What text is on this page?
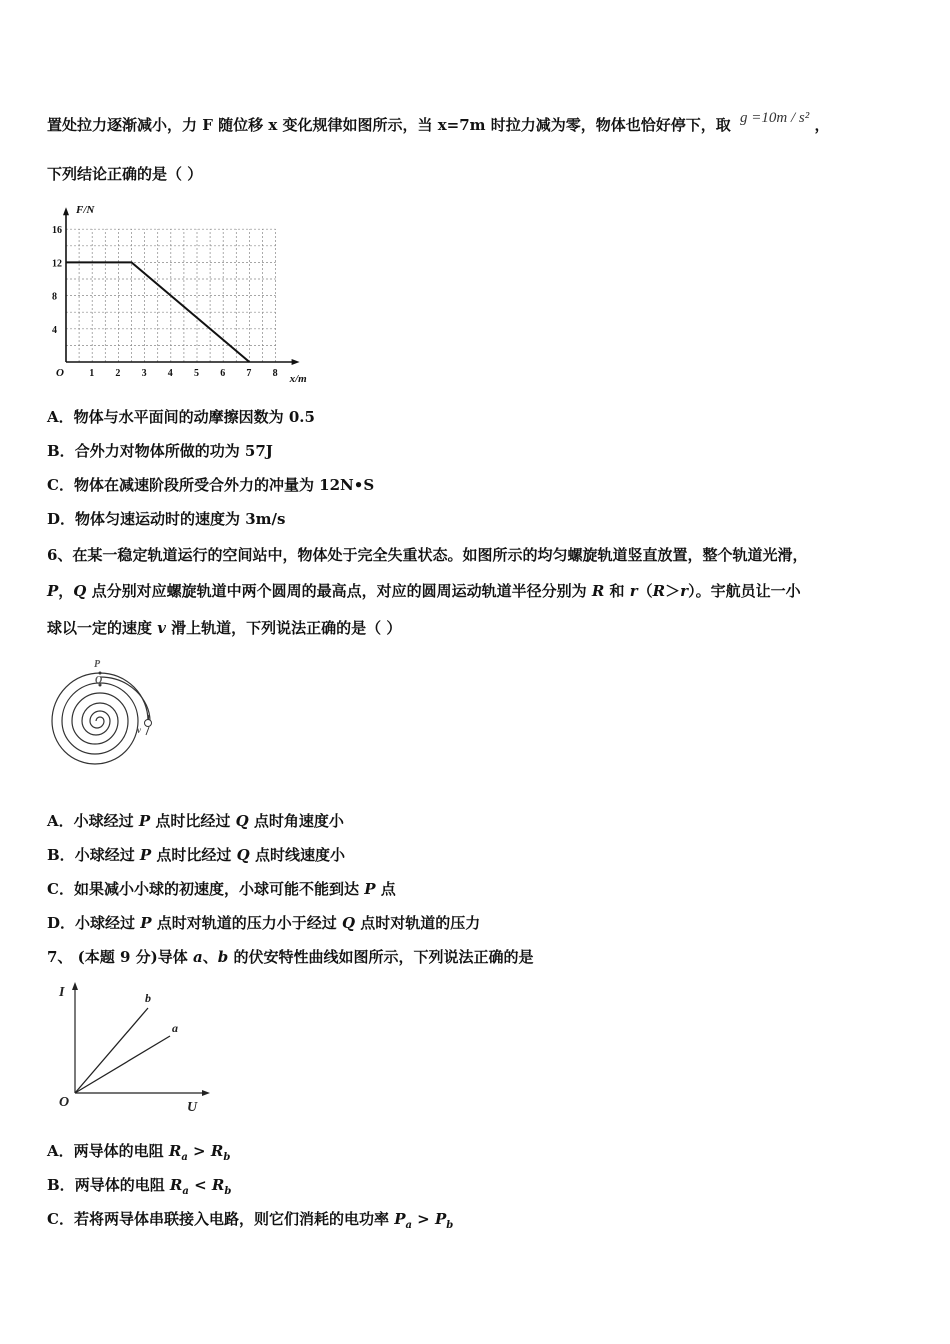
置处拉力逐渐减小，力 F 随位移 x 变化规律如图所示，当 x=7m 时拉力减为零，物体也恰好停下，取 g =10m / s² ，
下列结论正确的是（ ）
F/N
x/m
O	1 2 3 4 5 6 7 8
4
8
12
16
A．物体与水平面间的动摩擦因数为 0.5
B．合外力对物体所做的功为 57J
C．物体在减速阶段所受合外力的冲量为 12N•S
D．物体匀速运动时的速度为 3m/s
6、在某一稳定轨道运行的空间站中，物体处于完全失重状态。如图所示的均匀螺旋轨道竖直放置，整个轨道光滑，
P，Q 点分别对应螺旋轨道中两个圆周的最高点，对应的圆周运动轨道半径分别为 R 和 r（R＞r）。宇航员让一小
球以一定的速度 v 滑上轨道，下列说法正确的是（ ）
P
Q
v
A．小球经过 P 点时比经过 Q 点时角速度小
B．小球经过 P 点时比经过 Q 点时线速度小
C．如果减小小球的初速度，小球可能不能到达 P 点
D．小球经过 P 点时对轨道的压力小于经过 Q 点时对轨道的压力
7、 (本题 9 分)导体 a、b 的伏安特性曲线如图所示，下列说法正确的是
I
U
O
b
a
A．两导体的电阻 $R_a > R_b$
B．两导体的电阻 $R_a < R_b$
C．若将两导体串联接入电路，则它们消耗的电功率 $P_a > P_b$
